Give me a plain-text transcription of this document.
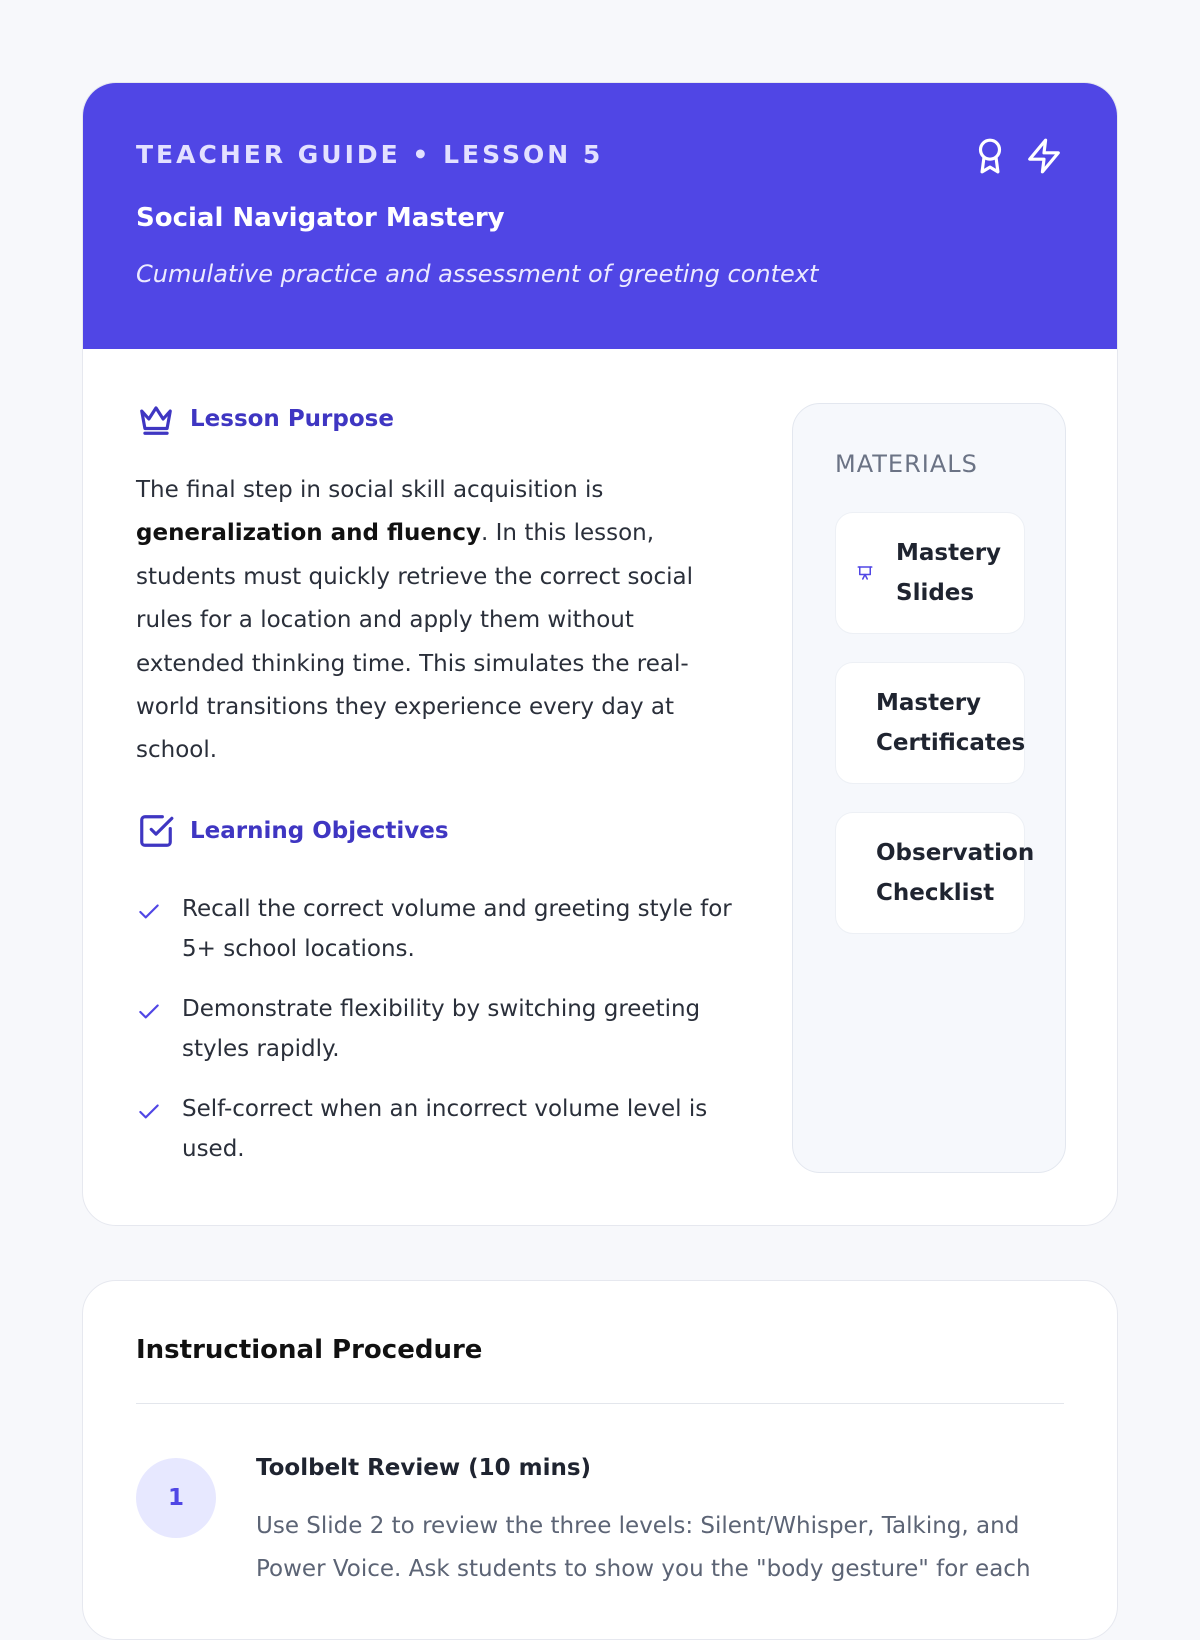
TEACHER GUIDE • LESSON 5
Social Navigator Mastery
Cumulative practice and assessment of greeting context
Lesson Purpose

The final step in social skill acquisition is generalization and fluency. In this lesson, students must quickly retrieve the correct social rules for a location and apply them without extended thinking time. This simulates the real-world transitions they experience every day at school.

Learning Objectives
Recall the correct volume and greeting style for 5+ school locations.
Demonstrate flexibility by switching greeting styles rapidly.
Self-correct when an incorrect volume level is used.
MATERIALS
Mastery Slides
Mastery Certificates
Observation Checklist
Instructional Procedure
1
Toolbelt Review (10 mins)

Use Slide 2 to review the three levels: Silent/Whisper, Talking, and Power Voice. Ask students to show you the "body gesture" for each
